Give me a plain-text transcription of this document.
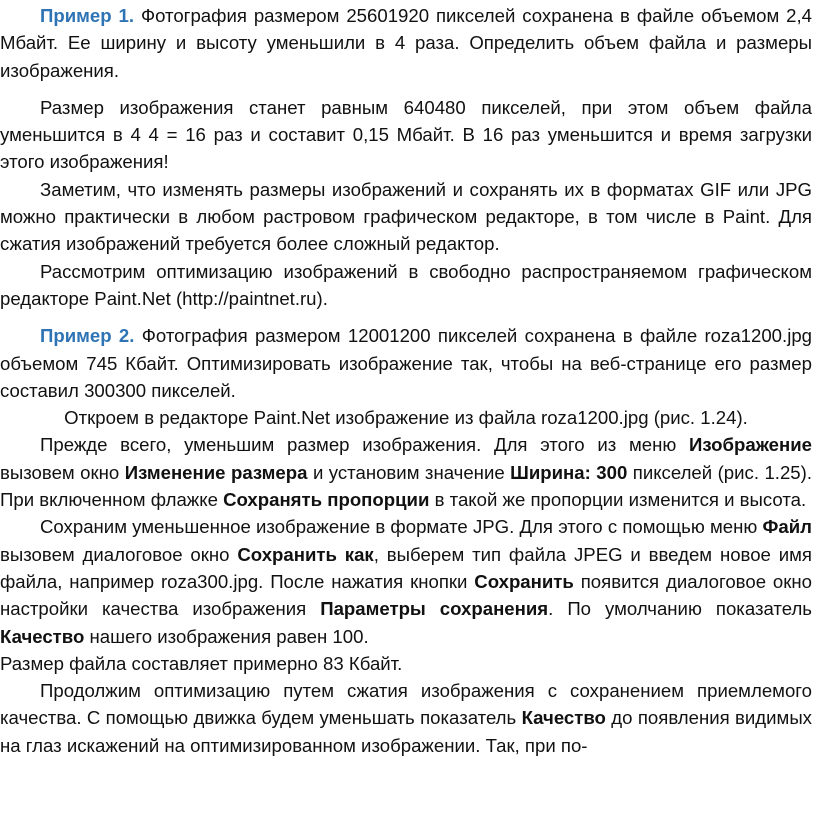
Пример 1. Фотография размером 25601920 пикселей сохранена в файле объемом 2,4 Мбайт. Ее ширину и высоту уменьшили в 4 раза. Определить объем файла и размеры изображения.

Размер изображения станет равным 640480 пикселей, при этом объем файла уменьшится в 4 4 = 16 раз и составит 0,15 Мбайт. В 16 раз уменьшится и время загрузки этого изображения!

Заметим, что изменять размеры изображений и сохранять их в форматах GIF или JPG можно практически в любом растровом графическом редакторе, в том числе в Paint. Для сжатия изображений требуется более сложный редактор.

Рассмотрим оптимизацию изображений в свободно распространяемом графическом редакторе Paint.Net (http://paintnet.ru).

Пример 2. Фотография размером 12001200 пикселей сохранена в файле roza1200.jpg объемом 745 Кбайт. Оптимизировать изображение так, чтобы на веб-странице его размер составил 300300 пикселей.

Откроем в редакторе Paint.Net изображение из файла roza1200.jpg (рис. 1.24).

Прежде всего, уменьшим размер изображения. Для этого из меню Изображение вызовем окно Изменение размера и установим значение Ширина: 300 пикселей (рис. 1.25). При включенном флажке Сохранять пропорции в такой же пропорции изменится и высота.

Сохраним уменьшенное изображение в формате JPG. Для этого с помощью меню Файл вызовем диалоговое окно Сохранить как, выберем тип файла JPEG и введем новое имя файла, например roza300.jpg. После нажатия кнопки Сохранить появится диалоговое окно настройки качества изображения Параметры сохранения. По умолчанию показатель Качество нашего изображения равен 100.

Размер файла составляет примерно 83 Кбайт.

Продолжим оптимизацию путем сжатия изображения с сохранением приемлемого качества. С помощью движка будем уменьшать показатель Качество до появления видимых на глаз искажений на оптимизированном изображении. Так, при по-
